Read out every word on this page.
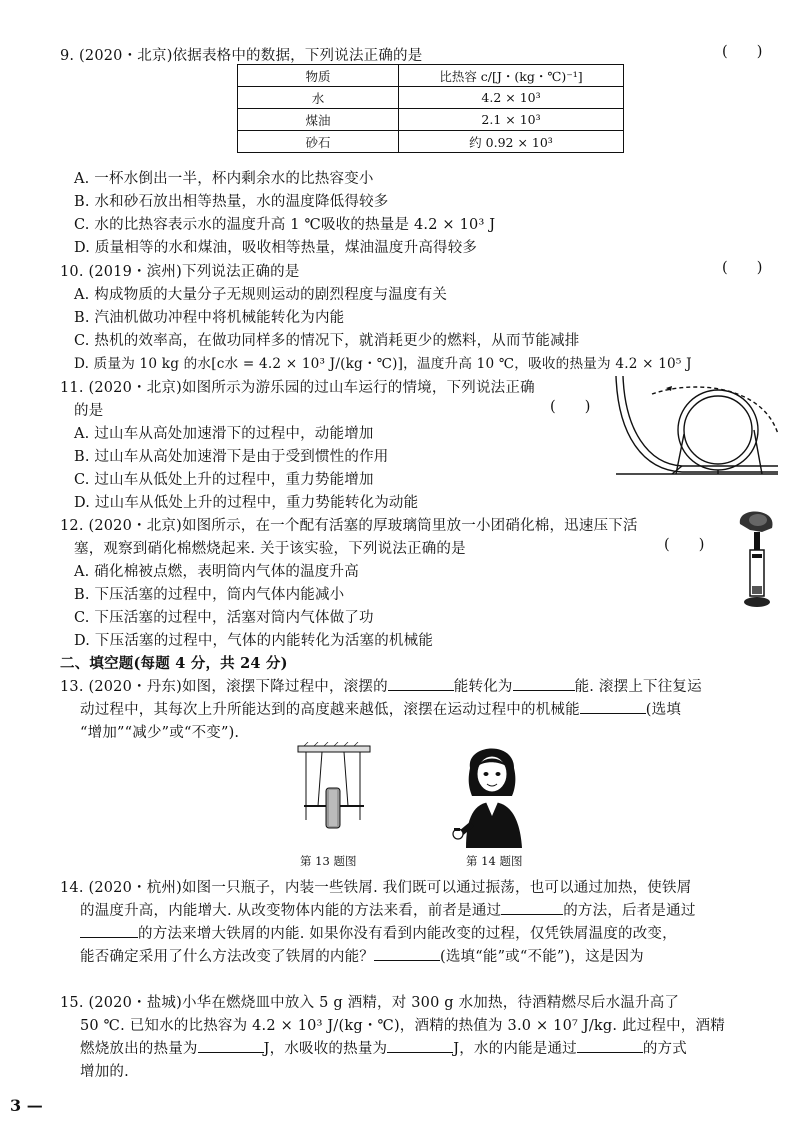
9. (2020・北京)依据表格中的数据，下列说法正确的是	(      )
物质	比热容 c/[J・(kg・℃)⁻¹]
水	4.2 × 10³
煤油	2.1 × 10³
砂石	约 0.92 × 10³
A. 一杯水倒出一半，杯内剩余水的比热容变小
B. 水和砂石放出相等热量，水的温度降低得较多
C. 水的比热容表示水的温度升高 1 ℃吸收的热量是 4.2 × 10³ J
D. 质量相等的水和煤油，吸收相等热量，煤油温度升高得较多
10. (2019・滨州)下列说法正确的是	(      )
A. 构成物质的大量分子无规则运动的剧烈程度与温度有关
B. 汽油机做功冲程中将机械能转化为内能
C. 热机的效率高，在做功同样多的情况下，就消耗更少的燃料，从而节能减排
D. 质量为 10 kg 的水[c水 = 4.2 × 10³ J/(kg・℃)]，温度升高 10 ℃，吸收的热量为 4.2 × 10⁵ J
11. (2020・北京)如图所示为游乐园的过山车运行的情境，下列说法正确
的是	(      )
A. 过山车从高处加速滑下的过程中，动能增加
B. 过山车从高处加速滑下是由于受到惯性的作用
C. 过山车从低处上升的过程中，重力势能增加
D. 过山车从低处上升的过程中，重力势能转化为动能
12. (2020・北京)如图所示，在一个配有活塞的厚玻璃筒里放一小团硝化棉，迅速压下活
塞，观察到硝化棉燃烧起来. 关于该实验，下列说法正确的是	(      )
A. 硝化棉被点燃，表明筒内气体的温度升高
B. 下压活塞的过程中，筒内气体内能减小
C. 下压活塞的过程中，活塞对筒内气体做了功
D. 下压活塞的过程中，气体的内能转化为活塞的机械能
二、填空题(每题 4 分，共 24 分)
13. (2020・丹东)如图，滚摆下降过程中，滚摆的	能转化为	能. 滚摆上下往复运
动过程中，其每次上升所能达到的高度越来越低，滚摆在运动过程中的机械能	(选填
“增加”“减少”或“不变”).
第 13 题图	第 14 题图
14. (2020・杭州)如图一只瓶子，内装一些铁屑. 我们既可以通过振荡，也可以通过加热，使铁屑
的温度升高，内能增大. 从改变物体内能的方法来看，前者是通过	的方法，后者是通过
的方法来增大铁屑的内能. 如果你没有看到内能改变的过程，仅凭铁屑温度的改变，
能否确定采用了什么方法改变了铁屑的内能？	(选填“能”或“不能”)，这是因为
15. (2020・盐城)小华在燃烧皿中放入 5 g 酒精，对 300 g 水加热，待酒精燃尽后水温升高了
50 ℃. 已知水的比热容为 4.2 × 10³ J/(kg・℃)，酒精的热值为 3.0 × 10⁷ J/kg. 此过程中，酒精
燃烧放出的热量为	J，水吸收的热量为	J，水的内能是通过	的方式
增加的.
3 —
